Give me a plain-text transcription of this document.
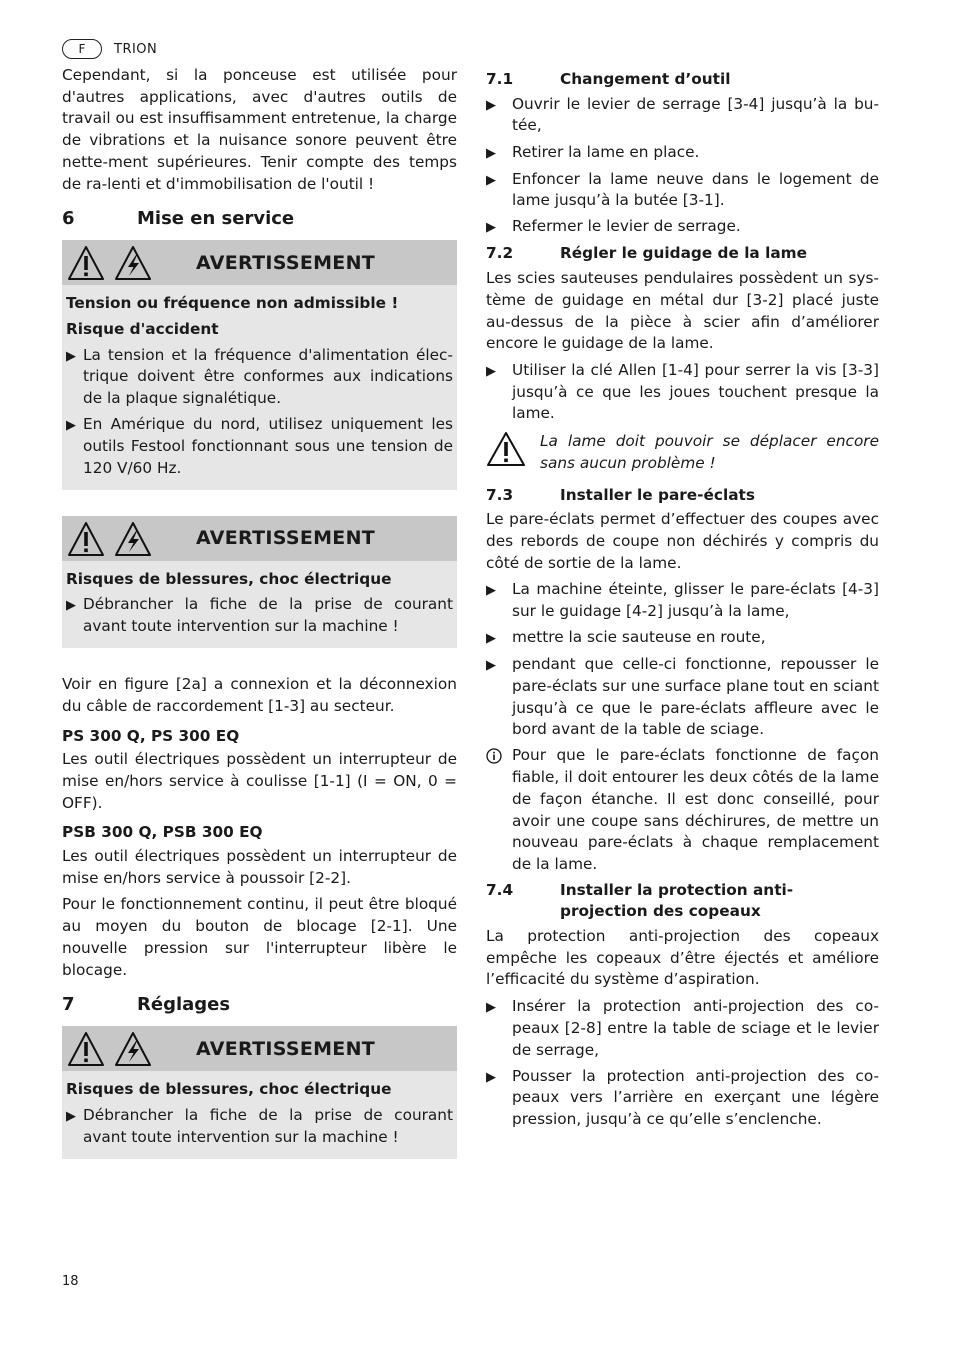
F	TRION

Cependant, si la ponceuse est utilisée pour d'autres applications, avec d'autres outils de travail ou est insuffisamment entretenue, la charge de vibrations et la nuisance sonore peuvent être nette-ment supérieures. Tenir compte des temps de ra-lenti et d'immobilisation de l'outil !

6	Mise en service
AVERTISSEMENT
Tension ou fréquence non admissible !
Risque d'accident
▶ La tension et la fréquence d'alimentation élec-trique doivent être conformes aux indications de la plaque signalétique.
▶ En Amérique du nord, utilisez uniquement les outils Festool fonctionnant sous une tension de 120 V/60 Hz.
AVERTISSEMENT
Risques de blessures, choc électrique
▶ Débrancher la fiche de la prise de courant avant toute intervention sur la machine !

Voir en figure [2a] a connexion et la déconnexion du câble de raccordement [1-3] au secteur.

PS 300 Q, PS 300 EQ

Les outil électriques possèdent un interrupteur de mise en/hors service à coulisse [1-1] (I = ON, 0 = OFF).

PSB 300 Q, PSB 300 EQ

Les outil électriques possèdent un interrupteur de mise en/hors service à poussoir [2-2].

Pour le fonctionnement continu, il peut être bloqué au moyen du bouton de blocage [2-1]. Une nouvelle pression sur l'interrupteur libère le blocage.

7	Réglages
AVERTISSEMENT
Risques de blessures, choc électrique
▶ Débrancher la fiche de la prise de courant avant toute intervention sur la machine !
7.1	Changement d’outil
▶	Ouvrir le levier de serrage [3-4] jusqu’à la bu-tée,
▶	Retirer la lame en place.
▶	Enfoncer la lame neuve dans le logement de lame jusqu’à la butée [3-1].
▶	Refermer le levier de serrage.
7.2	Régler le guidage de la lame

Les scies sauteuses pendulaires possèdent un sys-tème de guidage en métal dur [3-2] placé juste au-dessus de la pièce à scier afin d’améliorer encore le guidage de la lame.

▶	Utiliser la clé Allen [1-4] pour serrer la vis [3-3] jusqu’à ce que les joues touchent presque la lame.
La lame doit pouvoir se déplacer encore sans aucun problème !
7.3	Installer le pare-éclats

Le pare-éclats permet d’effectuer des coupes avec des rebords de coupe non déchirés y compris du côté de sortie de la lame.

▶	La machine éteinte, glisser le pare-éclats [4-3] sur le guidage [4-2] jusqu’à la lame,
▶	mettre la scie sauteuse en route,
▶	pendant que celle-ci fonctionne, repousser le pare-éclats sur une surface plane tout en sciant jusqu’à ce que le pare-éclats affleure avec le bord avant de la table de sciage.
Pour que le pare-éclats fonctionne de façon fiable, il doit entourer les deux côtés de la lame de façon étanche. Il est donc conseillé, pour avoir une coupe sans déchirures, de mettre un nouveau pare-éclats à chaque remplacement de la lame.
7.4	Installer la protection anti-projection des copeaux

La protection anti-projection des copeaux empêche les copeaux d’être éjectés et améliore l’efficacité du système d’aspiration.

▶	Insérer la protection anti-projection des co-peaux [2-8] entre la table de sciage et le levier de serrage,
▶	Pousser la protection anti-projection des co-peaux vers l’arrière en exerçant une légère pression, jusqu’à ce qu’elle s’enclenche.
18
